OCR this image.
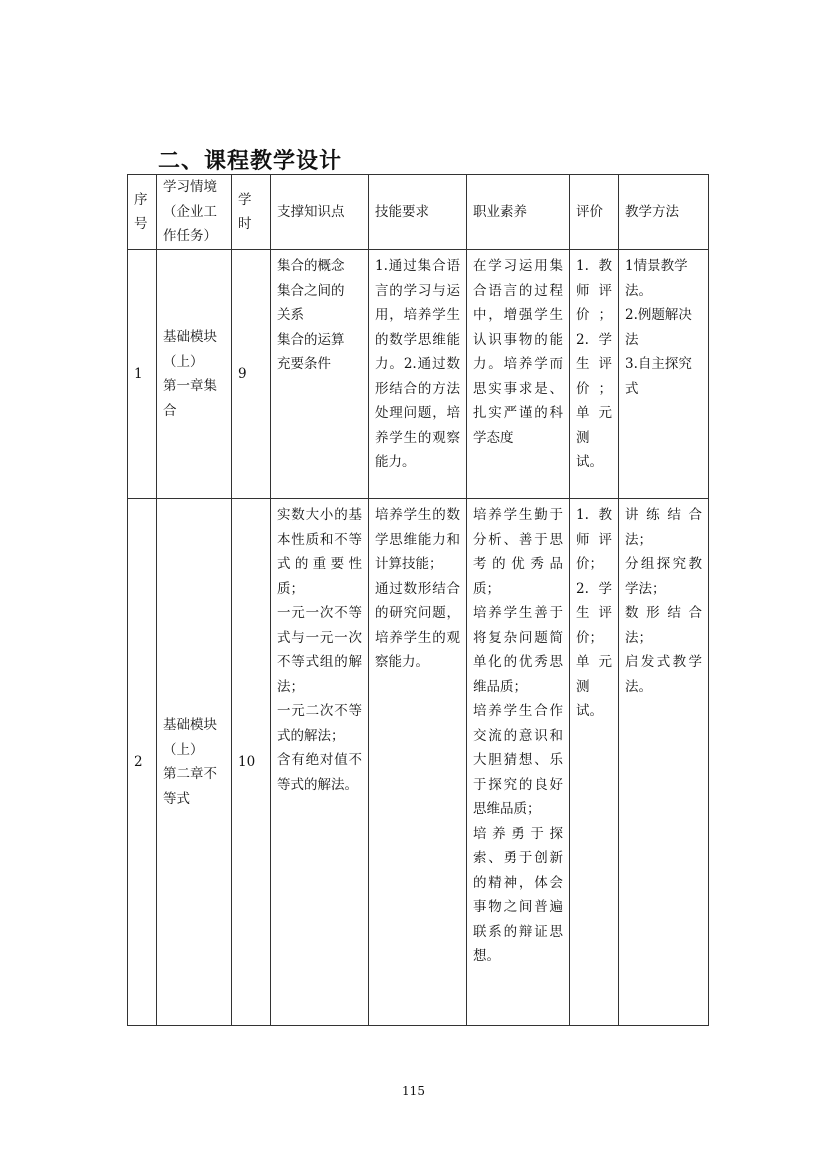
二、课程教学设计
序
号	学习情境
（企业工
作任务）	学
时	支撑知识点	技能要求	职业素养	评价	教学方法
1	基础模块
（上）
第一章集
合	9	集合的概念
集合之间的
关系
集合的运算
充要条件	1.通过集合语言的学习与运用，培养学生的数学思维能力。2.通过数形结合的方法处理问题，培养学生的观察能力。	在学习运用集合语言的过程中，增强学生认识事物的能力。培养学而思实事求是、扎实严谨的科学态度	1.教师评价；2.学生评价；单元测试。	1情景教学法。
2.例题解决法
3.自主探究式
2	基础模块
（上）
第二章不
等式	10	实数大小的基本性质和不等式的重要性质；
一元一次不等式与一元一次不等式组的解法；
一元二次不等式的解法；
含有绝对值不等式的解法。	培养学生的数学思维能力和计算技能；
通过数形结合的研究问题，培养学生的观察能力。	培养学生勤于分析、善于思考的优秀品质；
培养学生善于将复杂问题简单化的优秀思维品质；
培养学生合作交流的意识和大胆猜想、乐于探究的良好思维品质；
培养勇于探索、勇于创新的精神，体会事物之间普遍联系的辩证思想。	1.教师评价；
2.学生评价；
单元测试。	讲练结合法；
分组探究教学法；
数形结合法；
启发式教学法。
115
